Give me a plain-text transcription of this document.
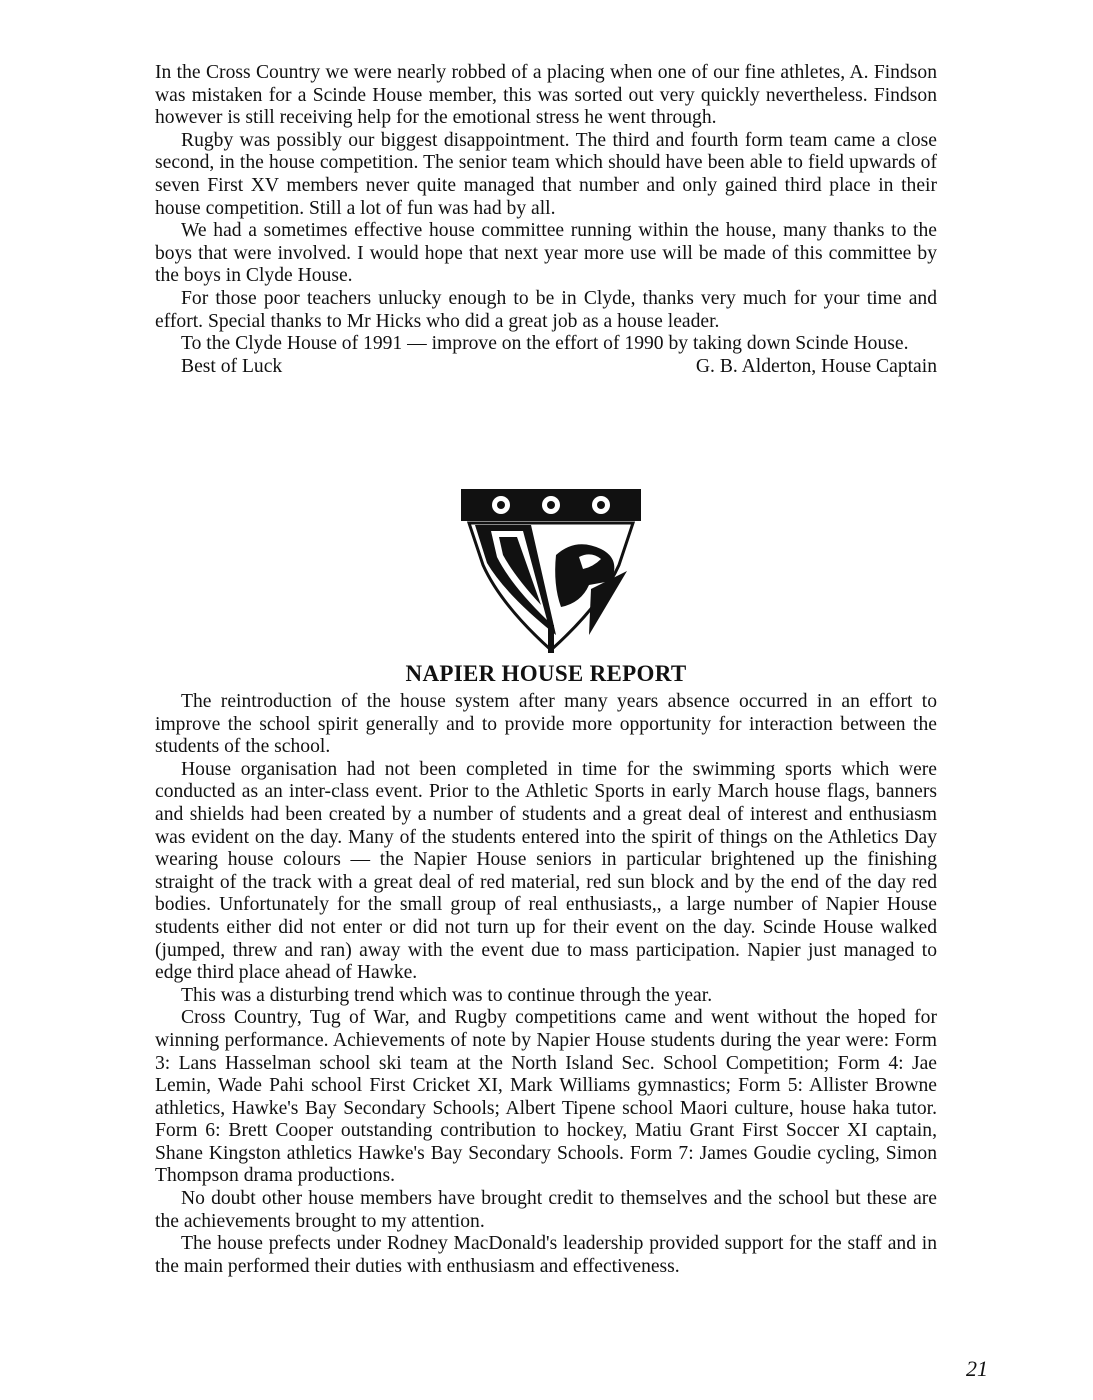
In the Cross Country we were nearly robbed of a placing when one of our fine athletes, A. Findson was mistaken for a Scinde House member, this was sorted out very quickly nevertheless. Findson however is still receiving help for the emotional stress he went through.

Rugby was possibly our biggest disappointment. The third and fourth form team came a close second, in the house competition. The senior team which should have been able to field upwards of seven First XV members never quite managed that number and only gained third place in their house competition. Still a lot of fun was had by all.

We had a sometimes effective house committee running within the house, many thanks to the boys that were involved. I would hope that next year more use will be made of this committee by the boys in Clyde House.

For those poor teachers unlucky enough to be in Clyde, thanks very much for your time and effort. Special thanks to Mr Hicks who did a great job as a house leader.

To the Clyde House of 1991 — improve on the effort of 1990 by taking down Scinde House.

Best of Luck	G. B. Alderton, House Captain
NAPIER HOUSE REPORT

The reintroduction of the house system after many years absence occurred in an effort to improve the school spirit generally and to provide more opportunity for interaction between the students of the school.

House organisation had not been completed in time for the swimming sports which were conducted as an inter-class event. Prior to the Athletic Sports in early March house flags, banners and shields had been created by a number of students and a great deal of interest and enthusiasm was evident on the day. Many of the students entered into the spirit of things on the Athletics Day wearing house colours — the Napier House seniors in particular brightened up the finishing straight of the track with a great deal of red material, red sun block and by the end of the day red bodies. Unfortunately for the small group of real enthusiasts,, a large number of Napier House students either did not enter or did not turn up for their event on the day. Scinde House walked (jumped, threw and ran) away with the event due to mass participation. Napier just managed to edge third place ahead of Hawke.

This was a disturbing trend which was to continue through the year.

Cross Country, Tug of War, and Rugby competitions came and went without the hoped for winning performance. Achievements of note by Napier House students during the year were: Form 3: Lans Hasselman school ski team at the North Island Sec. School Competition; Form 4: Jae Lemin, Wade Pahi school First Cricket XI, Mark Williams gymnastics; Form 5: Allister Browne athletics, Hawke's Bay Secondary Schools; Albert Tipene school Maori culture, house haka tutor. Form 6: Brett Cooper outstanding contribution to hockey, Matiu Grant First Soccer XI captain, Shane Kingston athletics Hawke's Bay Secondary Schools. Form 7: James Goudie cycling, Simon Thompson drama productions.

No doubt other house members have brought credit to themselves and the school but these are the achievements brought to my attention.

The house prefects under Rodney MacDonald's leadership provided support for the staff and in the main performed their duties with enthusiasm and effectiveness.

21
